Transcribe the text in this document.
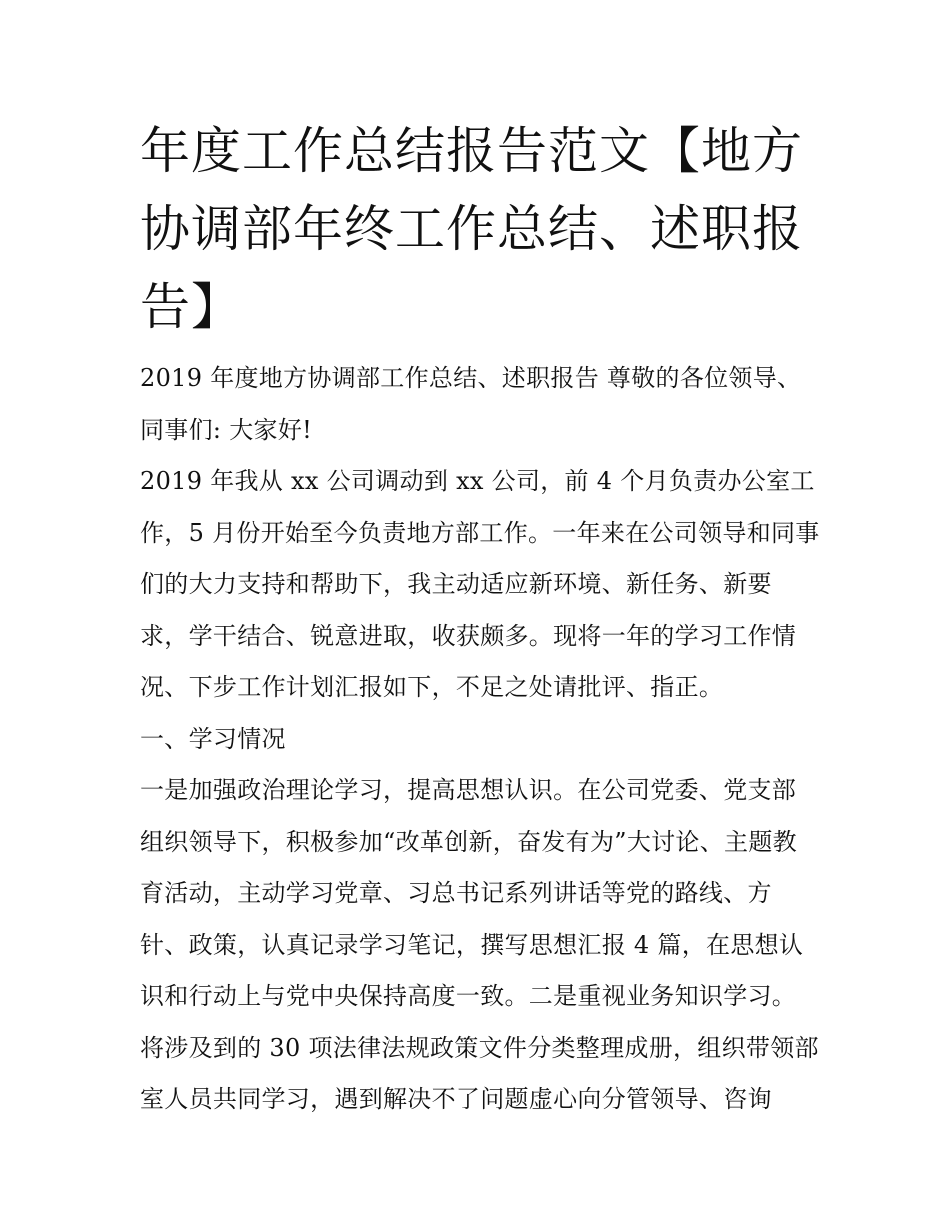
年度工作总结报告范文【地方协调部年终工作总结、述职报告】

2019 年度地方协调部工作总结、述职报告 尊敬的各位领导、同事们: 大家好!

2019 年我从 xx 公司调动到 xx 公司，前 4 个月负责办公室工作，5 月份开始至今负责地方部工作。一年来在公司领导和同事们的大力支持和帮助下，我主动适应新环境、新任务、新要求，学干结合、锐意进取，收获颇多。现将一年的学习工作情况、下步工作计划汇报如下，不足之处请批评、指正。

一、学习情况

一是加强政治理论学习，提高思想认识。在公司党委、党支部组织领导下，积极参加“改革创新，奋发有为”大讨论、主题教育活动，主动学习党章、习总书记系列讲话等党的路线、方针、政策，认真记录学习笔记，撰写思想汇报 4 篇，在思想认识和行动上与党中央保持高度一致。二是重视业务知识学习。将涉及到的 30 项法律法规政策文件分类整理成册，组织带领部室人员共同学习，遇到解决不了问题虚心向分管领导、咨询
